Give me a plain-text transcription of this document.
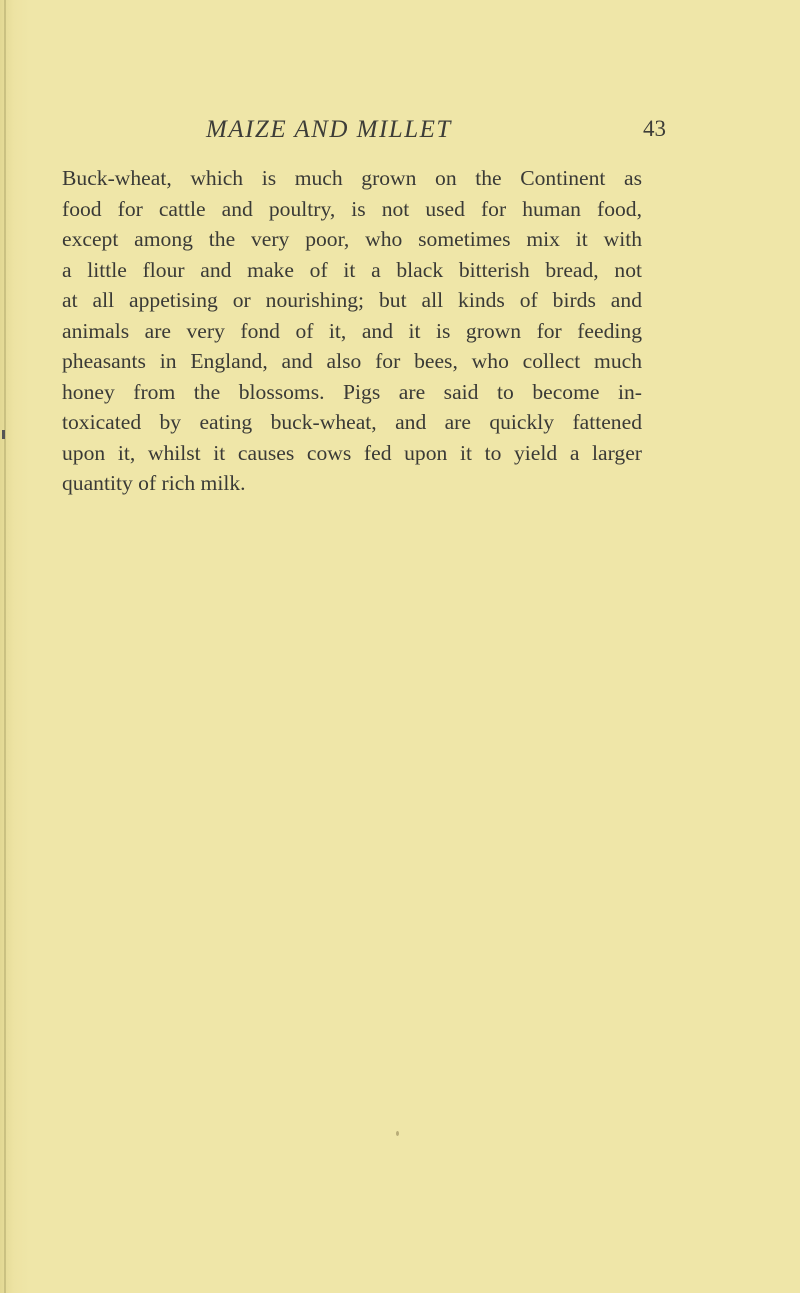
MAIZE AND MILLET	43
Buck-wheat, which is much grown on the Continent as
food for cattle and poultry, is not used for human food,
except among the very poor, who sometimes mix it with
a little flour and make of it a black bitterish bread, not
at all appetising or nourishing; but all kinds of birds and
animals are very fond of it, and it is grown for feeding
pheasants in England, and also for bees, who collect much
honey from the blossoms. Pigs are said to become in-
toxicated by eating buck-wheat, and are quickly fattened
upon it, whilst it causes cows fed upon it to yield a larger
quantity of rich milk.
